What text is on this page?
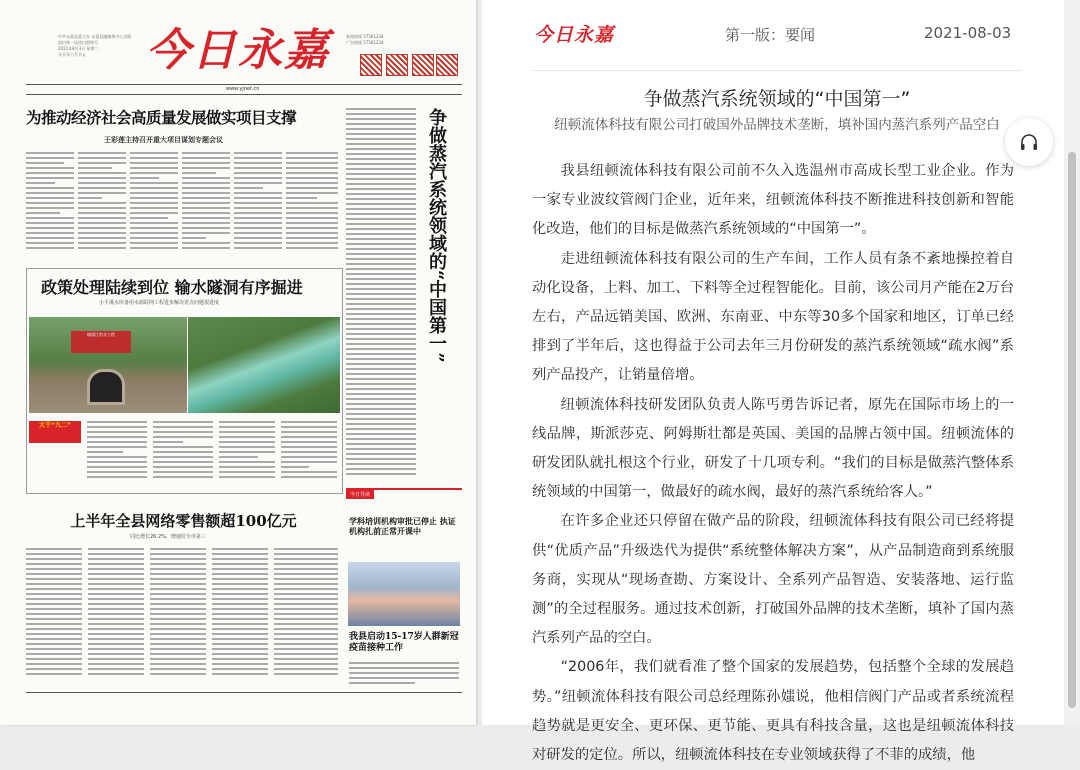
中共永嘉县委主办 永嘉县融媒体中心出版
国内统一连续出版物号
2021年8月3日 星期二
辛丑年六月廿五	今日永嘉	新闻热线 57561234
广告热线 57561234
www.yjnet.cn
为推动经济社会高质量发展做实项目支撑
王彩莲主持召开重大项目谋划专题会议	争做蒸汽系统领域的“中国第一”
政策处理陆续到位 输水隧洞有序掘进
小平溪水库备用水源联网工程进步解决省点问题很进度
楠溪江供水工程
大干“九二”
上半年全县网络零售额超100亿元
同比增长26.2%，增速居全市第三
今日导读
学科培训机构审批已停止 执证机构扎前正常开课中
我县启动15-17岁人群新冠疫苗接种工作
今日永嘉	第一版：要闻	2021-08-03
争做蒸汽系统领域的“中国第一”
纽顿流体科技有限公司打破国外品牌技术垄断，填补国内蒸汽系列产品空白

我县纽顿流体科技有限公司前不久入选温州市高成长型工业企业。作为一家专业波纹管阀门企业，近年来，纽顿流体科技不断推进科技创新和智能化改造，他们的目标是做蒸汽系统领域的“中国第一”。

走进纽顿流体科技有限公司的生产车间，工作人员有条不紊地操控着自动化设备，上料、加工、下料等全过程智能化。目前，该公司月产能在2万台左右，产品远销美国、欧洲、东南亚、中东等30多个国家和地区，订单已经排到了半年后，这也得益于公司去年三月份研发的蒸汽系统领域“疏水阀”系列产品投产，让销量倍增。

纽顿流体科技研发团队负责人陈丐勇告诉记者，原先在国际市场上的一线品牌，斯派莎克、阿姆斯壮都是英国、美国的品牌占领中国。纽顿流体的研发团队就扎根这个行业，研发了十几项专利。“我们的目标是做蒸汽整体系统领域的中国第一，做最好的疏水阀，最好的蒸汽系统给客人。”

在许多企业还只停留在做产品的阶段，纽顿流体科技有限公司已经将提供“优质产品”升级迭代为提供“系统整体解决方案”，从产品制造商到系统服务商，实现从“现场查勘、方案设计、全系列产品智造、安装落地、运行监测”的全过程服务。通过技术创新，打破国外品牌的技术垄断，填补了国内蒸汽系列产品的空白。

“2006年，我们就看准了整个国家的发展趋势，包括整个全球的发展趋势。”纽顿流体科技有限公司总经理陈孙媸说，他相信阀门产品或者系统流程趋势就是更安全、更环保、更节能、更具有科技含量，这也是纽顿流体科技对研发的定位。所以，纽顿流体科技在专业领域获得了不菲的成绩，他
